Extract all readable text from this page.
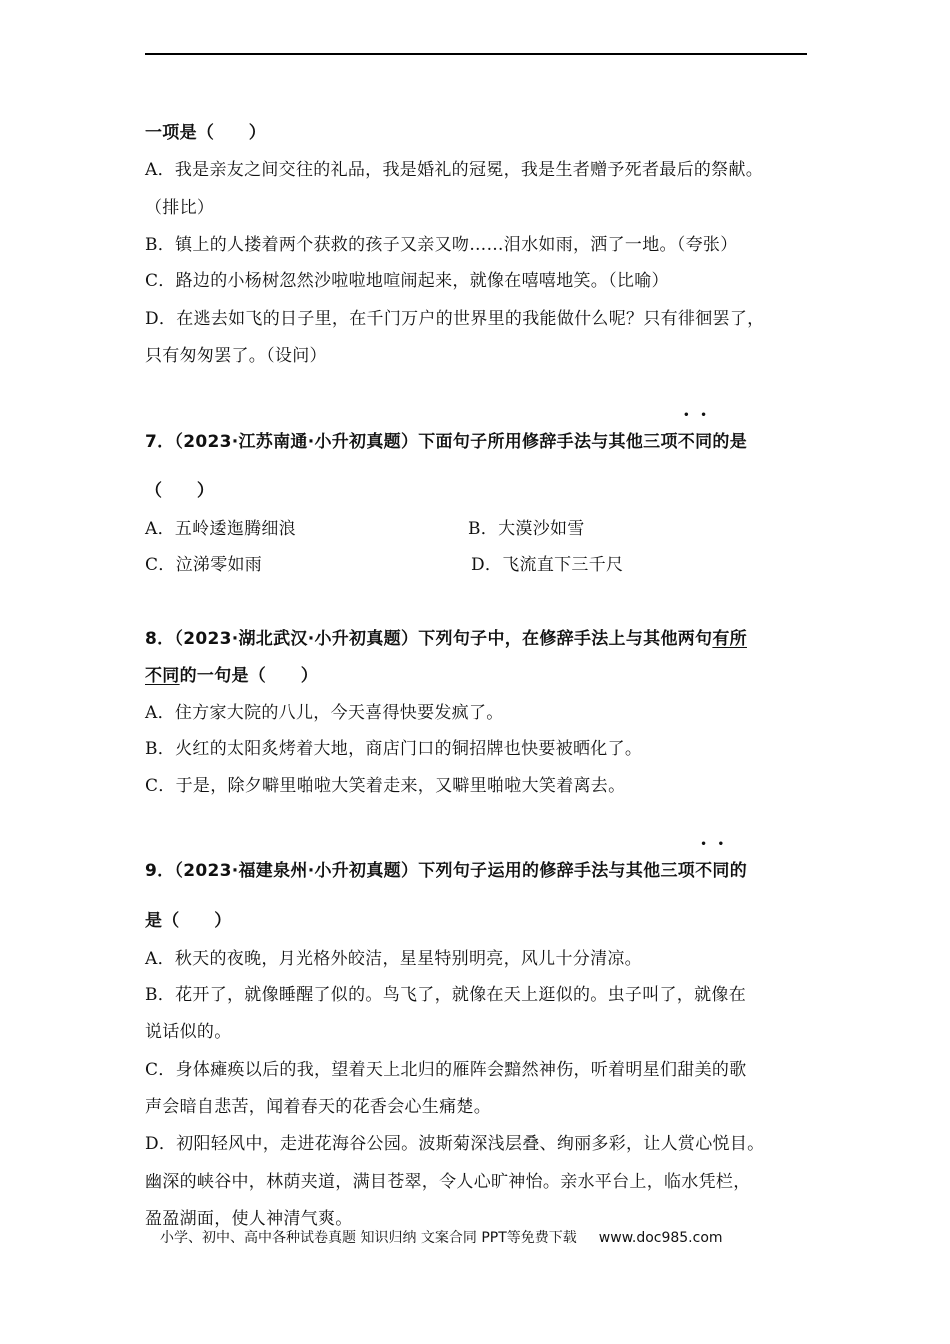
一项是（　　）
A．我是亲友之间交往的礼品，我是婚礼的冠冕，我是生者赠予死者最后的祭献。
（排比）
B．镇上的人搂着两个获救的孩子又亲又吻……泪水如雨，洒了一地。（夸张）
C．路边的小杨树忽然沙啦啦地喧闹起来，就像在嘻嘻地笑。（比喻）
D．在逃去如飞的日子里，在千门万户的世界里的我能做什么呢？只有徘徊罢了，
只有匆匆罢了。（设问）
7．（2023·江苏南通·小升初真题）下面句子所用修辞手法与其他三项不同的是
（　　）
A．五岭逶迤腾细浪	B．大漠沙如雪
C．泣涕零如雨	D．飞流直下三千尺
8．（2023·湖北武汉·小升初真题）下列句子中，在修辞手法上与其他两句有所
不同的一句是（　　）
A．住方家大院的八儿，今天喜得快要发疯了。
B．火红的太阳炙烤着大地，商店门口的铜招牌也快要被晒化了。
C．于是，除夕噼里啪啦大笑着走来，又噼里啪啦大笑着离去。
9．（2023·福建泉州·小升初真题）下列句子运用的修辞手法与其他三项不同的
是（　　）
A．秋天的夜晚，月光格外皎洁，星星特别明亮，风儿十分清凉。
B．花开了，就像睡醒了似的。鸟飞了，就像在天上逛似的。虫子叫了，就像在
说话似的。
C．身体瘫痪以后的我，望着天上北归的雁阵会黯然神伤，听着明星们甜美的歌
声会暗自悲苦，闻着春天的花香会心生痛楚。
D．初阳轻风中，走进花海谷公园。波斯菊深浅层叠、绚丽多彩，让人赏心悦目。
幽深的峡谷中，林荫夹道，满目苍翠，令人心旷神怡。亲水平台上，临水凭栏，
盈盈湖面，使人神清气爽。
小学、初中、高中各种试卷真题 知识归纳 文案合同 PPT等免费下载 www.doc985.com
